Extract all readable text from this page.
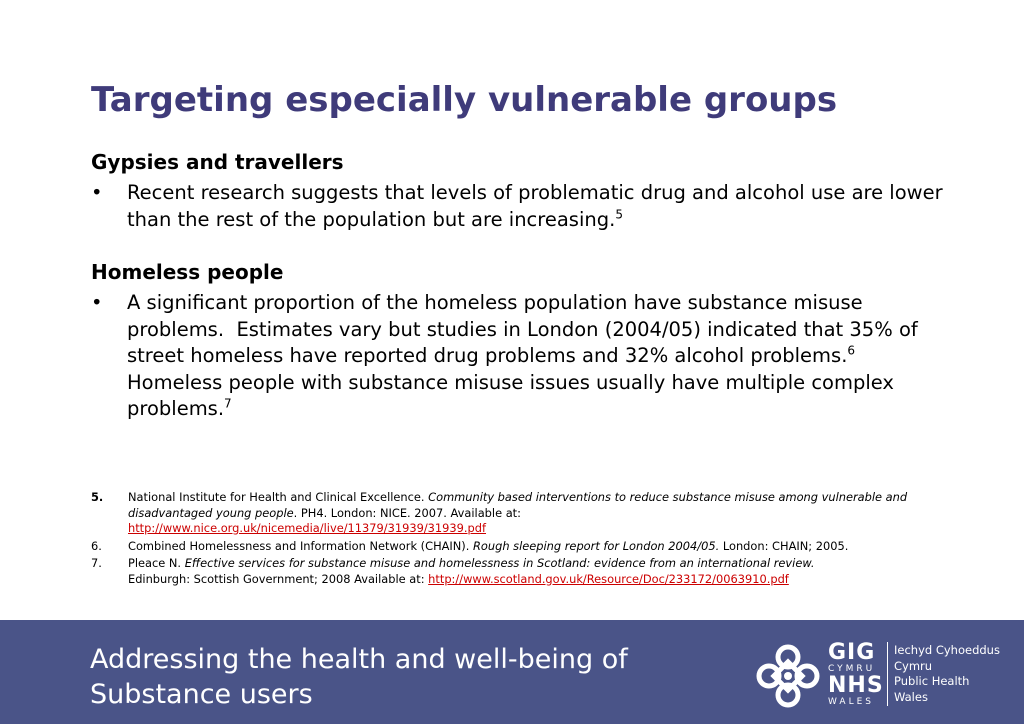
Targeting especially vulnerable groups
Gypsies and travellers
•	Recent research suggests that levels of problematic drug and alcohol use are lower than the rest of the population but are increasing.$^5$
Homeless people
•	A significant proportion of the homeless population have substance misuse problems.  Estimates vary but studies in London (2004/05) indicated that 35% of street homeless have reported drug problems and 32% alcohol problems.$^6$   Homeless people with substance misuse issues usually have multiple complex problems.$^7$
5.	National Institute for Health and Clinical Excellence. Community based interventions to reduce substance misuse among vulnerable and disadvantaged young people. PH4. London: NICE. 2007. Available at:
http://www.nice.org.uk/nicemedia/live/11379/31939/31939.pdf
6.	Combined Homelessness and Information Network (CHAIN). Rough sleeping report for London 2004/05. London: CHAIN; 2005.
7.	Pleace N. Effective services for substance misuse and homelessness in Scotland: evidence from an international review.
Edinburgh: Scottish Government; 2008 Available at: http://www.scotland.gov.uk/Resource/Doc/233172/0063910.pdf
Addressing the health and well-being of
Substance users
GIG
CYMRU
NHS
WALES
Iechyd Cyhoeddus
Cymru
Public Health
Wales
